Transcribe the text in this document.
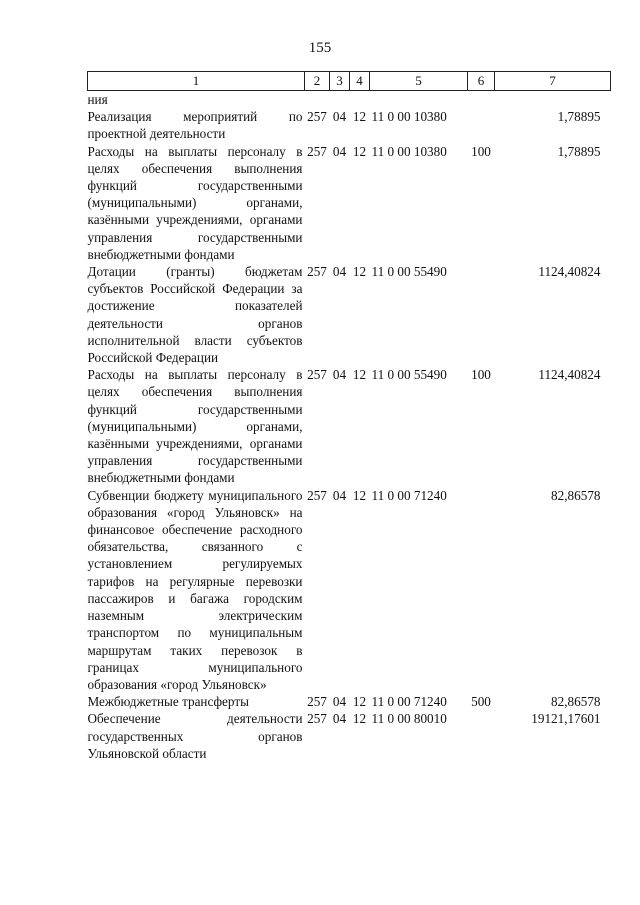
155
1	2	3	4	5	6	7
ния						
Реализация мероприятий по проектной деятельности	257	04	12	11 0 00 10380		1,78895
Расходы на выплаты персоналу в целях обеспечения выполнения функций государственными (муниципальными) органами, казёнными учреждениями, органами управления государственными внебюджетными фондами	257	04	12	11 0 00 10380	100	1,78895
Дотации (гранты) бюджетам субъектов Российской Федерации за достижение показателей деятельности органов исполнительной власти субъектов Российской Федерации	257	04	12	11 0 00 55490		1124,40824
Расходы на выплаты персоналу в целях обеспечения выполнения функций государственными (муниципальными) органами, казёнными учреждениями, органами управления государственными внебюджетными фондами	257	04	12	11 0 00 55490	100	1124,40824
Субвенции бюджету муниципального образования «город Ульяновск» на финансовое обеспечение расходного обязательства, связанного с установлением регулируемых тарифов на регулярные перевозки пассажиров и багажа городским наземным электрическим транспортом по муниципальным маршрутам таких перевозок в границах муниципального образования «город Ульяновск»	257	04	12	11 0 00 71240		82,86578
Межбюджетные трансферты	257	04	12	11 0 00 71240	500	82,86578
Обеспечение деятельности государственных органов Ульяновской области	257	04	12	11 0 00 80010		19121,17601
